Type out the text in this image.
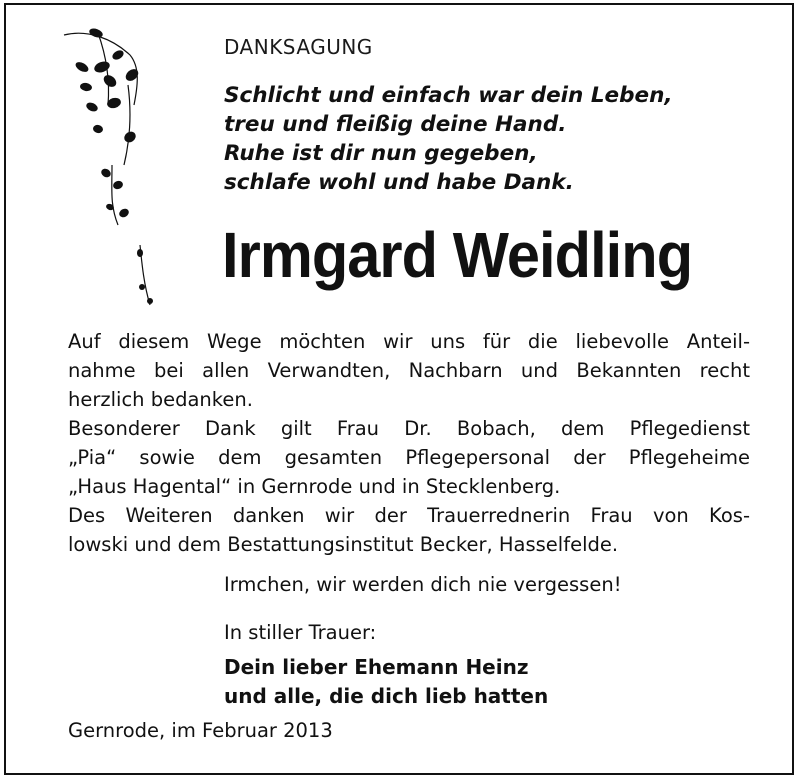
DANKSAGUNG
Schlicht und einfach war dein Leben,
treu und fleißig deine Hand.
Ruhe ist dir nun gegeben,
schlafe wohl und habe Dank.
Irmgard Weidling
Auf diesem Wege möchten wir uns für die liebevolle Anteil-
nahme bei allen Verwandten, Nachbarn und Bekannten recht
herzlich bedanken.
Besonderer Dank gilt Frau Dr. Bobach, dem Pflegedienst
„Pia“ sowie dem gesamten Pflegepersonal der Pflegeheime
„Haus Hagental“ in Gernrode und in Stecklenberg.
Des Weiteren danken wir der Trauerrednerin Frau von Kos-
lowski und dem Bestattungsinstitut Becker, Hasselfelde.
Irmchen, wir werden dich nie vergessen!
In stiller Trauer:
Dein lieber Ehemann Heinz
und alle, die dich lieb hatten
Gernrode, im Februar 2013
